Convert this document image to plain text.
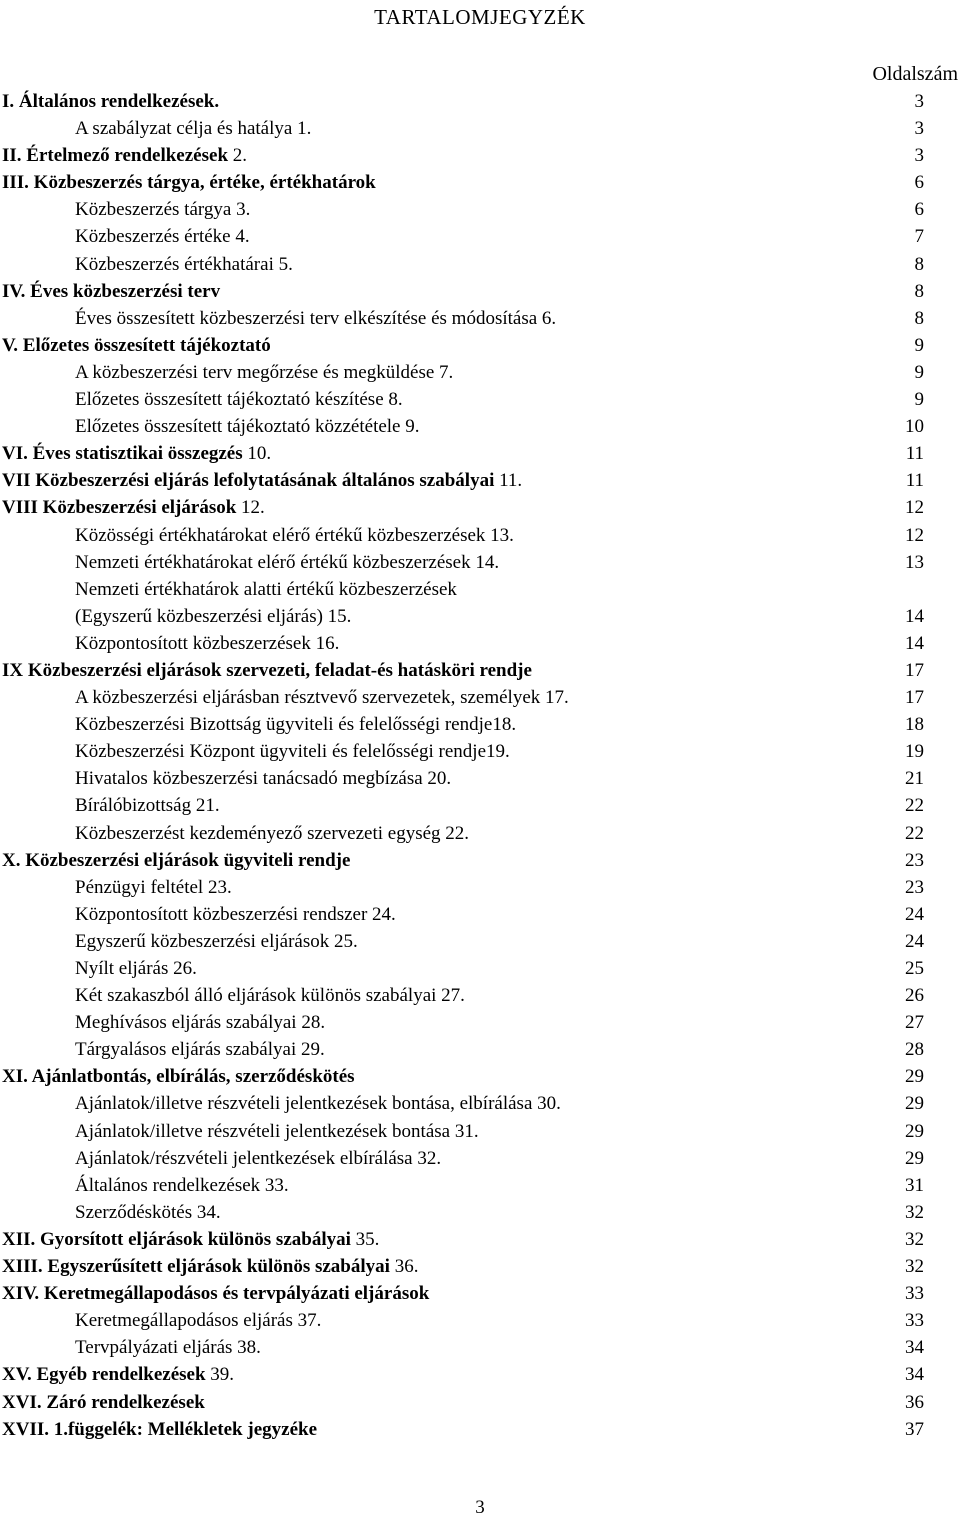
TARTALOMJEGYZÉK
Oldalszám
I. Általános rendelkezések.	3
A szabályzat célja és hatálya 1.	3
II. Értelmező rendelkezések 2.	3
III. Közbeszerzés tárgya, értéke, értékhatárok	6
Közbeszerzés tárgya 3.	6
Közbeszerzés értéke 4.	7
Közbeszerzés értékhatárai 5.	8
IV. Éves közbeszerzési terv	8
Éves összesített közbeszerzési terv elkészítése és módosítása 6.	8
V. Előzetes összesített tájékoztató	9
A közbeszerzési terv megőrzése és megküldése 7.	9
Előzetes összesített tájékoztató készítése 8.	9
Előzetes összesített tájékoztató közzététele 9.	10
VI. Éves statisztikai összegzés 10.	11
VII Közbeszerzési eljárás lefolytatásának általános szabályai 11.	11
VIII Közbeszerzési eljárások 12.	12
Közösségi értékhatárokat elérő értékű közbeszerzések 13.	12
Nemzeti értékhatárokat elérő értékű közbeszerzések 14.	13
Nemzeti értékhatárok alatti értékű közbeszerzések
(Egyszerű közbeszerzési eljárás) 15.	14
Központosított közbeszerzések 16.	14
IX Közbeszerzési eljárások szervezeti, feladat-és hatásköri rendje	17
A közbeszerzési eljárásban résztvevő szervezetek, személyek 17.	17
Közbeszerzési Bizottság ügyviteli és felelősségi rendje18.	18
Közbeszerzési Központ ügyviteli és felelősségi rendje19.	19
Hivatalos közbeszerzési tanácsadó megbízása 20.	21
Bírálóbizottság 21.	22
Közbeszerzést kezdeményező szervezeti egység 22.	22
X. Közbeszerzési eljárások ügyviteli rendje	23
Pénzügyi feltétel 23.	23
Központosított közbeszerzési rendszer 24.	24
Egyszerű közbeszerzési eljárások 25.	24
Nyílt eljárás 26.	25
Két szakaszból álló eljárások különös szabályai 27.	26
Meghívásos eljárás szabályai 28.	27
Tárgyalásos eljárás szabályai 29.	28
XI. Ajánlatbontás, elbírálás, szerződéskötés	29
Ajánlatok/illetve részvételi jelentkezések bontása, elbírálása 30.	29
Ajánlatok/illetve részvételi jelentkezések bontása 31.	29
Ajánlatok/részvételi jelentkezések elbírálása 32.	29
Általános rendelkezések 33.	31
Szerződéskötés 34.	32
XII. Gyorsított eljárások különös szabályai 35.	32
XIII. Egyszerűsített eljárások különös szabályai 36.	32
XIV. Keretmegállapodásos és tervpályázati eljárások	33
Keretmegállapodásos eljárás 37.	33
Tervpályázati eljárás 38.	34
XV. Egyéb rendelkezések 39.	34
XVI. Záró rendelkezések	36
XVII. 1.függelék: Mellékletek jegyzéke	37
3
